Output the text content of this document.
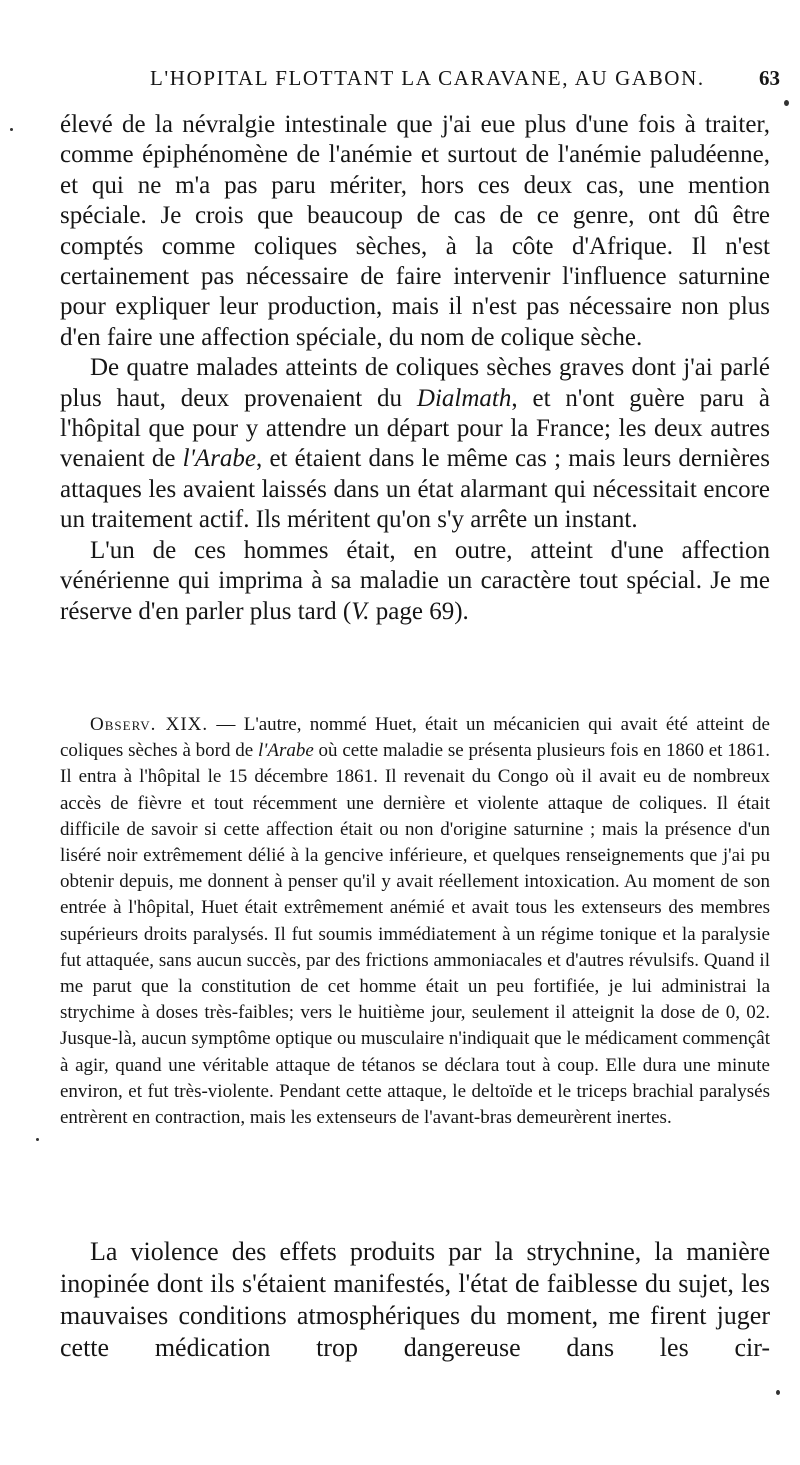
L'HOPITAL FLOTTANT LA CARAVANE, AU GABON.	63

élevé de la névralgie intestinale que j'ai eue plus d'une fois à traiter, comme épiphénomène de l'anémie et surtout de l'anémie paludéenne, et qui ne m'a pas paru mériter, hors ces deux cas, une mention spéciale. Je crois que beaucoup de cas de ce genre, ont dû être comptés comme coliques sèches, à la côte d'Afrique. Il n'est certainement pas nécessaire de faire intervenir l'influence saturnine pour expliquer leur production, mais il n'est pas nécessaire non plus d'en faire une affection spéciale, du nom de colique sèche.

De quatre malades atteints de coliques sèches graves dont j'ai parlé plus haut, deux provenaient du Dialmath, et n'ont guère paru à l'hôpital que pour y attendre un départ pour la France; les deux autres venaient de l'Arabe, et étaient dans le même cas ; mais leurs dernières attaques les avaient laissés dans un état alarmant qui nécessitait encore un traitement actif. Ils méritent qu'on s'y arrête un instant.

L'un de ces hommes était, en outre, atteint d'une affection vénérienne qui imprima à sa maladie un caractère tout spécial. Je me réserve d'en parler plus tard (V. page 69).

Observ. XIX. — L'autre, nommé Huet, était un mécanicien qui avait été atteint de coliques sèches à bord de l'Arabe où cette maladie se présenta plusieurs fois en 1860 et 1861. Il entra à l'hôpital le 15 décembre 1861. Il revenait du Congo où il avait eu de nombreux accès de fièvre et tout récemment une dernière et violente attaque de coliques. Il était difficile de savoir si cette affection était ou non d'origine saturnine ; mais la présence d'un liséré noir extrêmement délié à la gencive inférieure, et quelques renseignements que j'ai pu obtenir depuis, me donnent à penser qu'il y avait réellement intoxication. Au moment de son entrée à l'hôpital, Huet était extrêmement anémié et avait tous les extenseurs des membres supérieurs droits paralysés. Il fut soumis immédiatement à un régime tonique et la paralysie fut attaquée, sans aucun succès, par des frictions ammoniacales et d'autres révulsifs. Quand il me parut que la constitution de cet homme était un peu fortifiée, je lui administrai la strychime à doses très-faibles; vers le huitième jour, seulement il atteignit la dose de 0, 02. Jusque-là, aucun symptôme optique ou musculaire n'indiquait que le médicament commençât à agir, quand une véritable attaque de tétanos se déclara tout à coup. Elle dura une minute environ, et fut très-violente. Pendant cette attaque, le deltoïde et le triceps brachial paralysés entrèrent en contraction, mais les extenseurs de l'avant-bras demeurèrent inertes.

La violence des effets produits par la strychnine, la manière inopinée dont ils s'étaient manifestés, l'état de faiblesse du sujet, les mauvaises conditions atmosphériques du moment, me firent juger cette médication trop dangereuse dans les cir-
